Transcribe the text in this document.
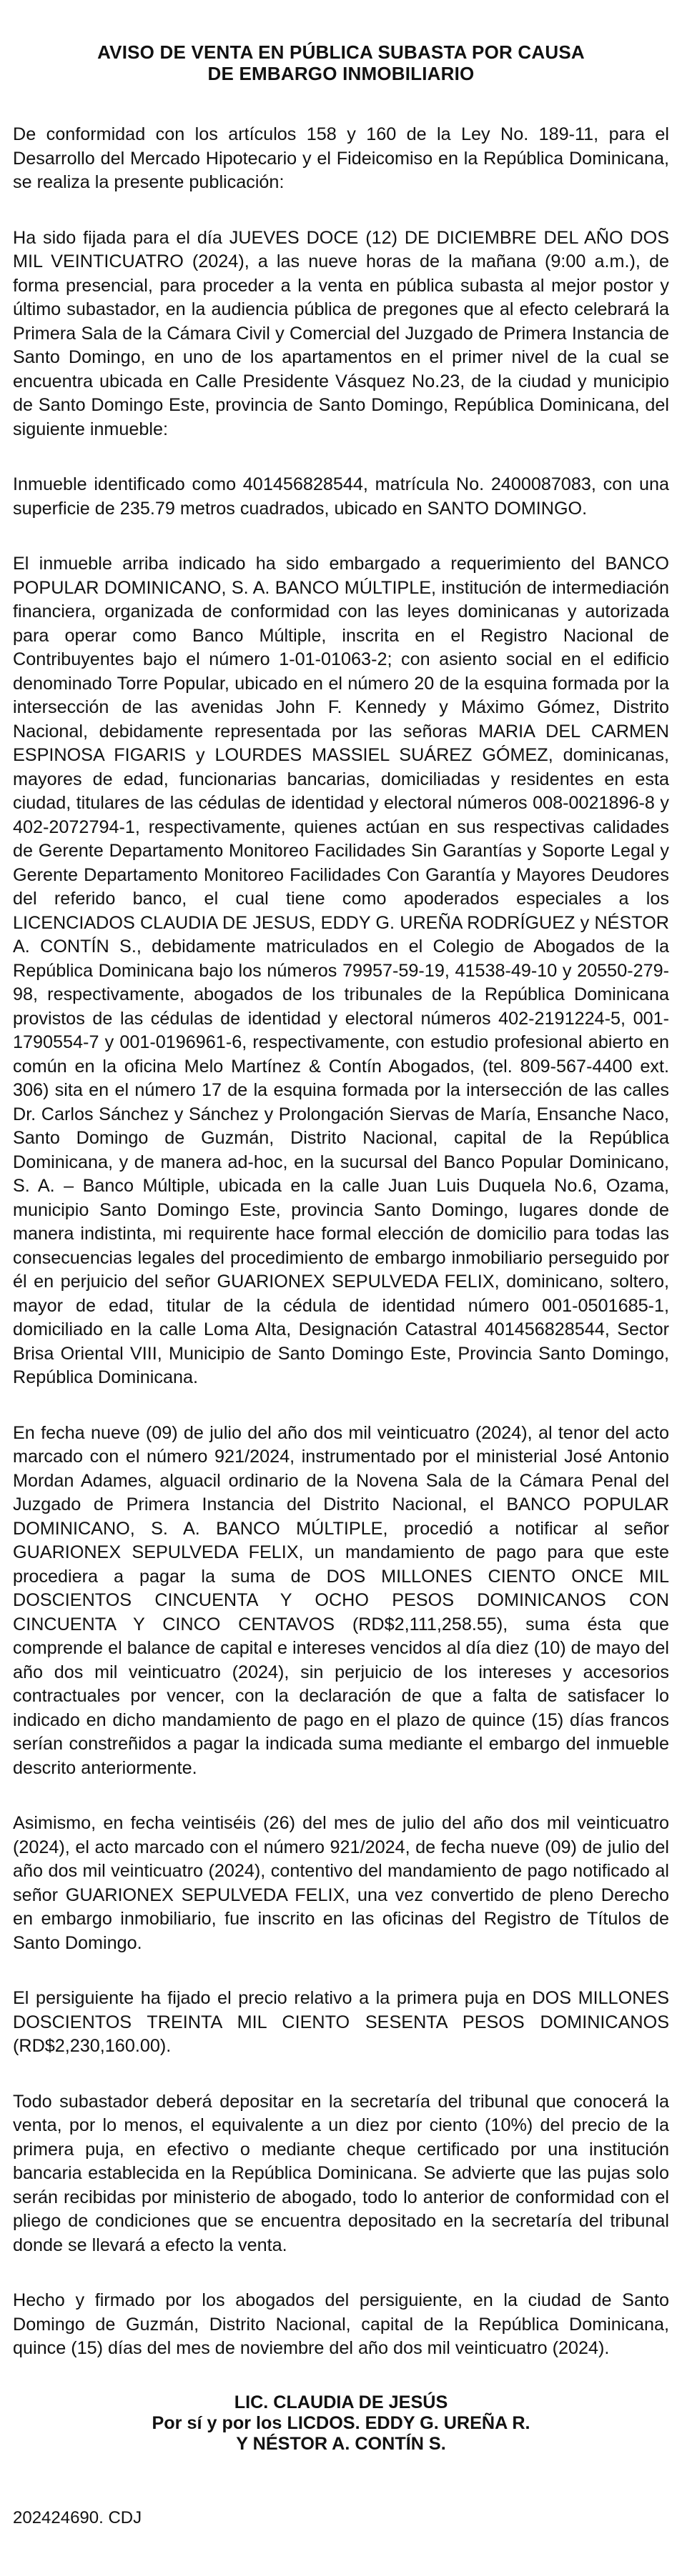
AVISO DE VENTA EN PÚBLICA SUBASTA POR CAUSA
DE EMBARGO INMOBILIARIO

De conformidad con los artículos 158 y 160 de la Ley No. 189-11, para el Desarrollo del Mercado Hipotecario y el Fideicomiso en la República Dominicana, se realiza la presente publicación:

Ha sido fijada para el día JUEVES DOCE (12) DE DICIEMBRE DEL AÑO DOS MIL VEINTICUATRO (2024), a las nueve horas de la mañana (9:00 a.m.), de forma presencial, para proceder a la venta en pública subasta al mejor postor y último subastador, en la audiencia pública de pregones que al efecto celebrará la Primera Sala de la Cámara Civil y Comercial del Juzgado de Primera Instancia de Santo Domingo, en uno de los apartamentos en el primer nivel de la cual se encuentra ubicada en Calle Presidente Vásquez No.23, de la ciudad y municipio de Santo Domingo Este, provincia de Santo Domingo, República Dominicana, del siguiente inmueble:

Inmueble identificado como 401456828544, matrícula No. 2400087083, con una superficie de 235.79 metros cuadrados, ubicado en SANTO DOMINGO.

El inmueble arriba indicado ha sido embargado a requerimiento del BANCO POPULAR DOMINICANO, S. A. BANCO MÚLTIPLE, institución de intermediación financiera, organizada de conformidad con las leyes dominicanas y autorizada para operar como Banco Múltiple, inscrita en el Registro Nacional de Contribuyentes bajo el número 1-01-01063-2; con asiento social en el edificio denominado Torre Popular, ubicado en el número 20 de la esquina formada por la intersección de las avenidas John F. Kennedy y Máximo Gómez, Distrito Nacional, debidamente representada por las señoras MARIA DEL CARMEN ESPINOSA FIGARIS y LOURDES MASSIEL SUÁREZ GÓMEZ, dominicanas, mayores de edad, funcionarias bancarias, domiciliadas y residentes en esta ciudad, titulares de las cédulas de identidad y electoral números 008-0021896-8 y 402-2072794-1, respectivamente, quienes actúan en sus respectivas calidades de Gerente Departamento Monitoreo Facilidades Sin Garantías y Soporte Legal y Gerente Departamento Monitoreo Facilidades Con Garantía y Mayores Deudores del referido banco, el cual tiene como apoderados especiales a los LICENCIADOS CLAUDIA DE JESUS, EDDY G. UREÑA RODRÍGUEZ y NÉSTOR A. CONTÍN S., debidamente matriculados en el Colegio de Abogados de la República Dominicana bajo los números 79957-59-19, 41538-49-10 y 20550-279-98, respectivamente, abogados de los tribunales de la República Dominicana provistos de las cédulas de identidad y electoral números 402-2191224-5, 001-1790554-7 y 001-0196961-6, respectivamente, con estudio profesional abierto en común en la oficina Melo Martínez & Contín Abogados, (tel. 809-567-4400 ext. 306) sita en el número 17 de la esquina formada por la intersección de las calles Dr. Carlos Sánchez y Sánchez y Prolongación Siervas de María, Ensanche Naco, Santo Domingo de Guzmán, Distrito Nacional, capital de la República Dominicana, y de manera ad-hoc, en la sucursal del Banco Popular Dominicano, S. A. – Banco Múltiple, ubicada en la calle Juan Luis Duquela No.6, Ozama, municipio Santo Domingo Este, provincia Santo Domingo, lugares donde de manera indistinta, mi requirente hace formal elección de domicilio para todas las consecuencias legales del procedimiento de embargo inmobiliario perseguido por él en perjuicio del señor GUARIONEX SEPULVEDA FELIX, dominicano, soltero, mayor de edad, titular de la cédula de identidad número 001-0501685-1, domiciliado en la calle Loma Alta, Designación Catastral 401456828544, Sector Brisa Oriental VIII, Municipio de Santo Domingo Este, Provincia Santo Domingo, República Dominicana.

En fecha nueve (09) de julio del año dos mil veinticuatro (2024), al tenor del acto marcado con el número 921/2024, instrumentado por el ministerial José Antonio Mordan Adames, alguacil ordinario de la Novena Sala de la Cámara Penal del Juzgado de Primera Instancia del Distrito Nacional, el BANCO POPULAR DOMINICANO, S. A. BANCO MÚLTIPLE, procedió a notificar al señor GUARIONEX SEPULVEDA FELIX, un mandamiento de pago para que este procediera a pagar la suma de DOS MILLONES CIENTO ONCE MIL DOSCIENTOS CINCUENTA Y OCHO PESOS DOMINICANOS CON CINCUENTA Y CINCO CENTAVOS (RD$2,111,258.55), suma ésta que comprende el balance de capital e intereses vencidos al día diez (10) de mayo del año dos mil veinticuatro (2024), sin perjuicio de los intereses y accesorios contractuales por vencer, con la declaración de que a falta de satisfacer lo indicado en dicho mandamiento de pago en el plazo de quince (15) días francos serían constreñidos a pagar la indicada suma mediante el embargo del inmueble descrito anteriormente.

Asimismo, en fecha veintiséis (26) del mes de julio del año dos mil veinticuatro (2024), el acto marcado con el número 921/2024, de fecha nueve (09) de julio del año dos mil veinticuatro (2024), contentivo del mandamiento de pago notificado al señor GUARIONEX SEPULVEDA FELIX, una vez convertido de pleno Derecho en embargo inmobiliario, fue inscrito en las oficinas del Registro de Títulos de Santo Domingo.

El persiguiente ha fijado el precio relativo a la primera puja en DOS MILLONES DOSCIENTOS TREINTA MIL CIENTO SESENTA PESOS DOMINICANOS (RD$2,230,160.00).

Todo subastador deberá depositar en la secretaría del tribunal que conocerá la venta, por lo menos, el equivalente a un diez por ciento (10%) del precio de la primera puja, en efectivo o mediante cheque certificado por una institución bancaria establecida en la República Dominicana. Se advierte que las pujas solo serán recibidas por ministerio de abogado, todo lo anterior de conformidad con el pliego de condiciones que se encuentra depositado en la secretaría del tribunal donde se llevará a efecto la venta.

Hecho y firmado por los abogados del persiguiente, en la ciudad de Santo Domingo de Guzmán, Distrito Nacional, capital de la República Dominicana, quince (15) días del mes de noviembre del año dos mil veinticuatro (2024).

LIC. CLAUDIA DE JESÚS
Por sí y por los LICDOS. EDDY G. UREÑA R.
Y NÉSTOR A. CONTÍN S.
202424690. CDJ
